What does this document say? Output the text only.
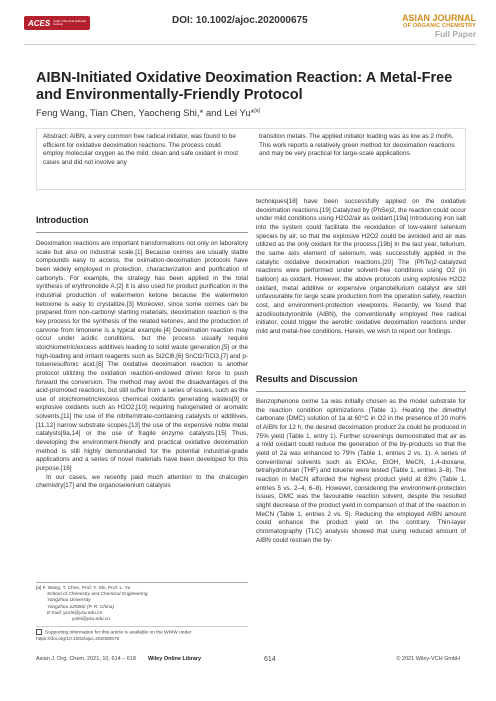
ACES Asian Chemical Editorial Society	DOI: 10.1002/ajoc.202000675	ASIAN JOURNAL
OF ORGANIC CHEMISTRY
Full Paper
AIBN-Initiated Oxidative Deoximation Reaction: A Metal-Free and Environmentally-Friendly Protocol
Feng Wang, Tian Chen, Yaocheng Shi,* and Lei Yu*[a]

Abstract: AIBN, a very common free radical initiator, was found to be efficient for oxidative deoximation reactions. The process could employ molecular oxygen as the mild, clean and safe oxidant in most cases and did not involve any

transition metals. The applied initiator loading was as low as 2 mol%. This work reports a relatively green method for deoximation reactions and may be very practical for large-scale applications.

Introduction

Deoximation reactions are important transformations not only on laboratory scale but also on industrial scale.[1] Because oximes are usually stable compounds easy to access, the oximation-deoximation protocols have been widely employed in protection, characterization and purification of carbonyls. For example, the strategy has been applied in the total synthesis of erythronolide A.[2] It is also used for product purification in the industrial production of watermelon ketone because the watermelon ketoxime is easy to crystallize.[3] Moreover, since some oximes can be prepared from non-carbonyl starting materials, deoximation reaction is the key process for the synthesis of the related ketones, and the production of carvone from limonene is a typical example.[4] Deoximation reaction may occur under acidic conditions, but the process usually require stoichiometric/excess additives leading to solid waste generation,[5] or the high-loading and irritant reagents such as Si2Cl6,[6] SnCl2/TiCl3,[7] and p-toluenesulfonic acid.[8] The oxidative deoximation reaction is another protocol utilizing the oxidation reaction-endowed driven force to push forward the conversion. The method may avoid the disadvantages of the acid-promoted reactions, but still suffer from a series of issues, such as the use of stoichiometric/excess chemical oxidants generating wastes[9] or explosive oxidants such as H2O2,[10] requiring halogenated or aromatic solvents,[11] the use of the nitrite/nitrate-containing catalysts or additives,[11,12] narrow substrate scopes,[13] the use of the expensive noble metal catalysts[9a,14] or the use of fragile enzyme catalysts.[15] Thus, developing the environment-friendly and practical oxidative deoximation method is still highly demondanded for the potential industrial-grade applications and a series of novel materials have been developed for this purpose.[16]

In our cases, we recently paid much attention to the chalcogen chemistry[17] and the organoselenium catalysis

techniques[18] have been successfully applied on the oxidative deoximation reactions.[19] Catalyzed by (PhSe)2, the reaction could occur under mild conditions using H2O2/air as oxidant.[19a] Introducing iron salt into the system could facilitate the reoxidation of low-valent selenium species by air, so that the explosive H2O2 could be avoided and air was utilized as the only oxidant for the process.[19b] In the last year, tellurium, the same axis element of selenium, was successfully applied in the catalytic oxidative deoximation reactions.[20] The (PhTe)2-catalyzed reactions were performed under solvent-free conditions using O2 (in balloon) as oxidant. However, the above protocols using explosive H2O2 oxidant, metal additive or expensive organotellurium catalyst are still unfavourable for large scale production from the operation safety, reaction cost, and environment-protection viewpoints. Recently, we found that azodiisobutyronitrile (AIBN), the conventionally employed free radical initiator, could trigger the aerobic oxidative deoximation reactions under mild and metal-free conditions. Herein, we wish to report our findings.

Results and Discussion

Benzophenone oxime 1a was initially chosen as the model substrate for the reaction condition optimizations (Table 1). Heating the dimethyl carbonate (DMC) solution of 1a at 60°C in O2 in the presence of 20 mol% of AIBN for 12 h, the desired deoximation product 2a could be produced in 75% yield (Table 1, entry 1). Further screenings demonstrated that air as a mild oxidant could reduce the generation of the by-products so that the yield of 2a was enhanced to 79% (Table 1, entries 2 vs. 1). A series of conventional solvents such as EtOAc, EtOH, MeCN, 1,4-dioxane, tetrahydrofuran (THF) and toluene were tested (Table 1, entries 3–8). The reaction in MeCN afforded the highest product yield at 83% (Table 1, entries 5 vs. 2–4, 6–8). However, considering the environment-protection issues, DMC was the favourable reaction solvent, despite the resulted slight decrease of the product yield in comparison of that of the reaction in MeCN (Table 1, entries 2 vs. 5). Reducing the employed AIBN amount could enhance the product yield on the contrary. Thin-layer chromatography (TLC) analysis showed that using reduced amount of AIBN could restrain the by-

[a] F. Wang, T. Chen, Prof. Y. Shi, Prof. L. Yu
School of Chemistry and Chemical Engineering
Yangzhou University
Yangzhou 225002 (P. R. China)
E-mail: ycshi@yzu.edu.cn
yulei@yzu.edu.cn
Supporting information for this article is available on the WWW under https://doi.org/10.1002/ajoc.202000675
Asian J. Org. Chem. 2021, 10, 614 – 618 Wiley Online Library	614	© 2021 Wiley-VCH GmbH
